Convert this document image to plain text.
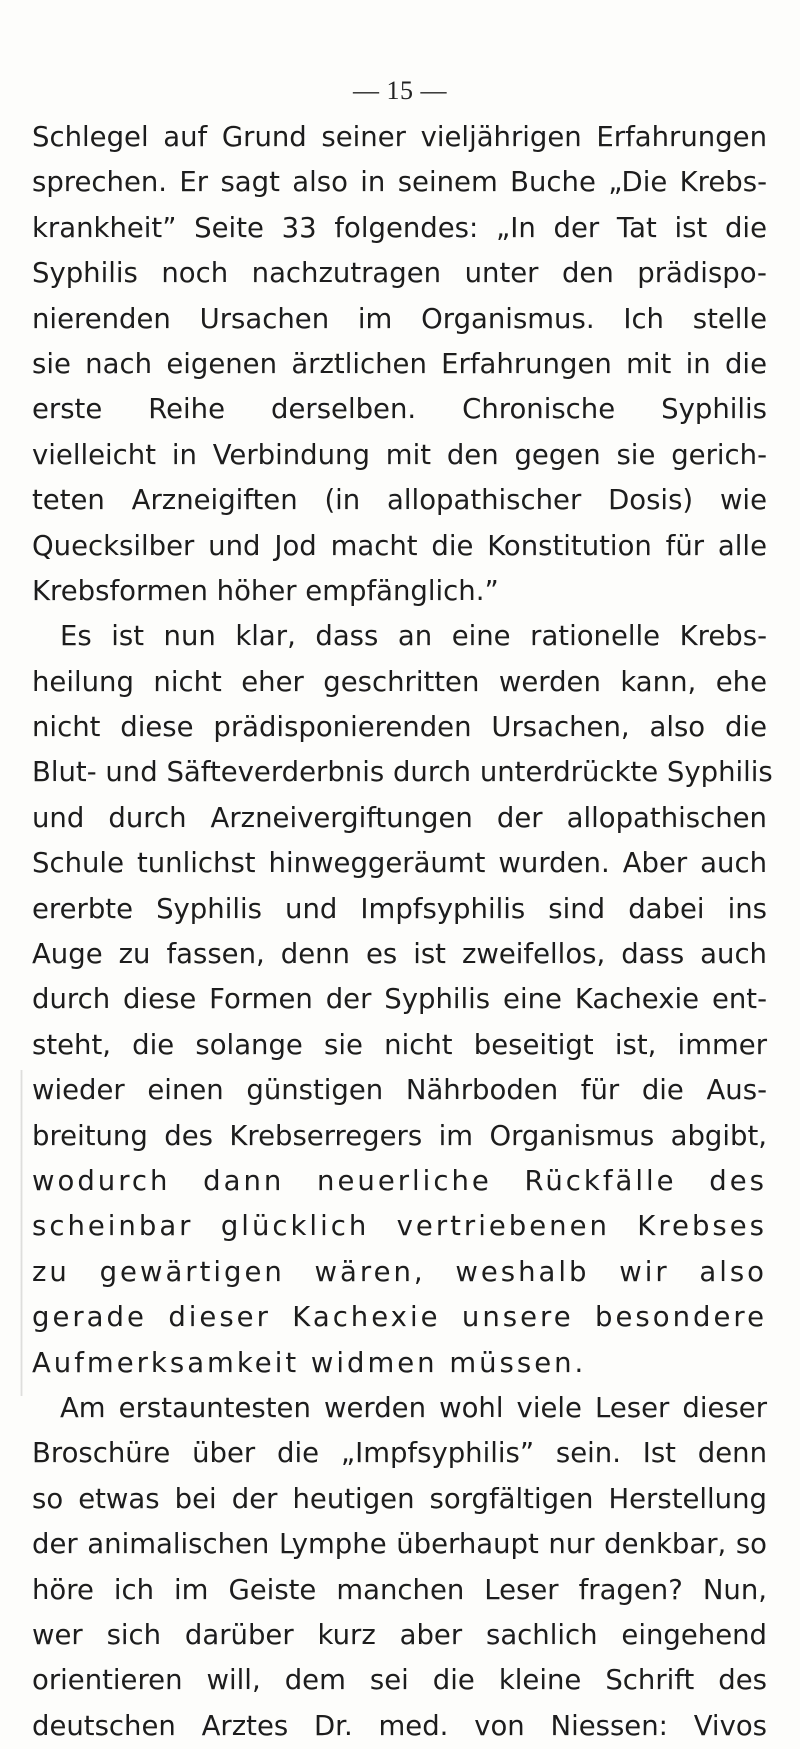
— 15 —
Schlegel auf Grund seiner vieljährigen Erfahrungen
sprechen. Er sagt also in seinem Buche „Die Krebs-
krankheit” Seite 33 folgendes: „In der Tat ist die
Syphilis noch nachzutragen unter den prädispo-
nierenden Ursachen im Organismus. Ich stelle
sie nach eigenen ärztlichen Erfahrungen mit in die
erste Reihe derselben. Chronische Syphilis
vielleicht in Verbindung mit den gegen sie gerich-
teten Arzneigiften (in allopathischer Dosis) wie
Quecksilber und Jod macht die Konstitution für alle
Krebsformen höher empfänglich.”
Es ist nun klar, dass an eine rationelle Krebs-
heilung nicht eher geschritten werden kann, ehe
nicht diese prädisponierenden Ursachen, also die
Blut- und Säfteverderbnis durch unterdrückte Syphilis
und durch Arzneivergiftungen der allopathischen
Schule tunlichst hinweggeräumt wurden. Aber auch
ererbte Syphilis und Impfsyphilis sind dabei ins
Auge zu fassen, denn es ist zweifellos, dass auch
durch diese Formen der Syphilis eine Kachexie ent-
steht, die solange sie nicht beseitigt ist, immer
wieder einen günstigen Nährboden für die Aus-
breitung des Krebserregers im Organismus abgibt,
wodurch dann neuerliche Rückfälle des
scheinbar glücklich vertriebenen Krebses
zu gewärtigen wären, weshalb wir also
gerade dieser Kachexie unsere besondere
Aufmerksamkeit widmen müssen.
Am erstauntesten werden wohl viele Leser dieser
Broschüre über die „Impfsyphilis” sein. Ist denn
so etwas bei der heutigen sorgfältigen Herstellung
der animalischen Lymphe überhaupt nur denkbar, so
höre ich im Geiste manchen Leser fragen? Nun,
wer sich darüber kurz aber sachlich eingehend
orientieren will, dem sei die kleine Schrift des
deutschen Arztes Dr. med. von Niessen: Vivos
